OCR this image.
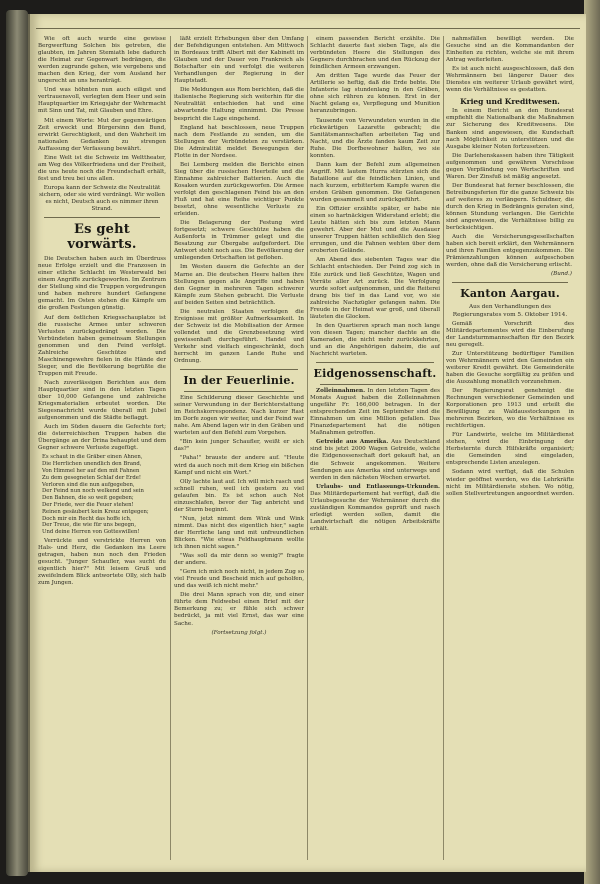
Wie oft auch wurde eine gewisse Bergwerftung Solchen bis getreten, die glaubten, im Jahren Stemiath lebe dadurch die Heimat zur Gegenwart bedrängen, die werden zugrunde gehen, wie vergebens und machen den Krieg, der vom Ausland her ungerecht an uns heranträgt.

Und was höhnten nun auch eiligst und vertrauensvoll, verlegten dem Heer und sein Hauptquartier im Kriegsjahr der Wehrmacht mit Sinn und Tat, mit Glauben und Ehre.

Mit einem Worte: Mut der gegenwärtigen Zeit erweckt und Bürgersinn den Bund, erwirkt Gerechtigkeit, und den Wahrheit im nationalen Gedanken zu strengen Auffassung der Verfassung bewährt.

Eine Welt ist die Schweiz im Welttheater, am Weg des Völkerfriedens und der Freiheit, die uns heute noch die Freundschaft erhält, fest und treu bei uns allen.

Europa kann der Schweiz die Neutralität sichern, oder sie wird verdrängt. Wir wollen es nicht, Deutsch auch es nimmer ihren Strand.

Es geht vorwärts.

Die Deutschen haben auch im Überdruss neue Erfolge erzielt und die Franzosen in einer etliche Schlacht im Westerwald bei einem Angriffe zurückgeworfen. Im Zentrum der Stellung sind die Truppen vorgedrungen und haben mehrere hundert Gefangene gemacht. Im Osten stehen die Kämpfe um die großen Festungen günstig.

Auf dem östlichen Kriegsschauplatze ist die russische Armee unter schweren Verlusten zurückgedrängt worden. Die Verbündeten haben gemeinsam Stellungen genommen und den Feind verfolgt. Zahlreiche Geschütze und Maschinengewehre fielen in die Hände der Sieger, und die Bevölkerung begrüßte die Truppen mit Freude.

Nach zuverlässigen Berichten aus dem Hauptquartier sind in den letzten Tagen über 10,000 Gefangene und zahlreiche Kriegsmaterialien erbeutet worden. Die Siegesnachricht wurde überall mit Jubel aufgenommen und die Städte beflaggt.

Auch im Süden dauern die Gefechte fort; die österreichischen Truppen haben die Übergänge an der Drina behauptet und dem Gegner schwere Verluste zugefügt.

Es schaut in die Gräber einen Ahnen,
Die Herrlichen unendlich den Brand,
Von Himmel her auf den mit Fahnen
Zu dem gesegneten Schlaf der Erde!
Verloren sind die nun aufgegeben,
Der Feind nun noch welkend und sein
Den Bahnen, die so weit gegeben;
Der Friede, wer die Feuer stehen!
Reinen gesäubert kein Kreuz entgegen;
Doch mir ein Recht das hoffe ich,
Der Treue, die wie für uns begegn,
Und deine Herren von Gotteswillen!

Verrückte und verstrickte Herren von Hals- und Herz, die Gedanken ins Leere getragen, haben nun noch den Frieden gesucht. "Junger Schaufler, was sucht du eigentlich hier?" Mit leisem Gruß und zweifelndem Blick antwortete Olly, sich halb zum Jungen.

läßt erzielt Erhebungen über den Umfang der Befehdigungen entstehen. Am Mittwoch in Bordeaux trifft Albert mit der Kabinett im Glauben und der Dauer von Frankreich als Botschafter ein und verfolgt die weiteren Verhandlungen der Regierung in der Hauptstadt.

Die Meldungen aus Rom berichten, daß die italienische Regierung sich weiterhin für die Neutralität entschieden hat und eine abwartende Haltung einnimmt. Die Presse bespricht die Lage eingehend.

England hat beschlossen, neue Truppen nach dem Festlande zu senden, um die Stellungen der Verbündeten zu verstärken. Die Admiralität meldet Bewegungen der Flotte in der Nordsee.

Bei Lemberg melden die Berichte einen Sieg über die russischen Heerteile und die Einnahme zahlreicher Batterien. Auch die Kosaken wurden zurückgeworfen. Die Armee verfolgt den geschlagenen Feind bis an den Fluß und hat eine Reihe wichtiger Punkte besetzt, ohne wesentliche Verluste zu erleiden.

Die Belagerung der Festung wird fortgesetzt; schwere Geschütze haben die Außenforts in Trümmer gelegt und die Besatzung zur Übergabe aufgefordert. Die Antwort steht noch aus. Die Bevölkerung der umliegenden Ortschaften ist geflohen.

Im Westen dauern die Gefechte an der Marne an. Die deutschen Heere halten ihre Stellungen gegen alle Angriffe und haben den Gegner in mehreren Tagen schwerer Kämpfe zum Stehen gebracht. Die Verluste auf beiden Seiten sind beträchtlich.

Die neutralen Staaten verfolgen die Ereignisse mit größter Aufmerksamkeit. In der Schweiz ist die Mobilisation der Armee vollendet und die Grenzbesetzung wird gewissenhaft durchgeführt. Handel und Verkehr sind vielfach eingeschränkt, doch herrscht im ganzen Lande Ruhe und Ordnung.

In der Feuerlinie.

Eine Schilderung dieser Geschichte und seiner Verwundung in der Berichterstattung im Reichskorrespondenz. Nach kurzer Rast im Dorfe zogen wir weiter, und der Feind war nahe. Am Abend lagen wir in den Gräben und warteten auf den Befehl zum Vorgehen.

"Bin kein junger Schaufler, weißt er sich das?"

"Paha!" brauste der andere auf. "Heute wird da auch noch mit dem Krieg ein bißchen Kampf und nicht ein Wort."

Olly lachte laut auf. Ich will mich rasch und schnell ruhen, weil ich gestern zu viel gelaufen bin. Es ist schon auch Not einzuschlafen, bevor der Tag anbricht und der Sturm beginnt.

"Nun, jetzt nimmt dem Wink und Wink nimmt. Das nicht des eigentlich hier," sagte der Herrliche lang und mit unfreundlichen Blicken. "Wie etwas Feldhauptmann wollte ich ihnen nicht sagen."

"Was soll da mir denn so wenig?" fragte der andere.

"Gern ich mich noch nicht, in jedem Zug so viel Freude und Bescheid mich auf geholfen, und das weiß ich nicht mehr."

Die drei Mann sprach von dir, und einer führte dem Feldwebel einen Brief mit der Bemerkung zu; er fühle sich schwer bedrückt, ja mit viel Ernst, das war eine Sache.

(Fortsetzung folgt.)

einem passenden Bericht erzählte. Die Schlacht dauerte fast sieben Tage, als die verbündeten Heere die Stellungen des Gegners durchbrachen und den Rückzug der feindlichen Armeen erzwangen.

Am dritten Tage wurde das Feuer der Artillerie so heftig, daß die Erde bebte. Die Infanterie lag stundenlang in den Gräben, ohne sich rühren zu können. Erst in der Nacht gelang es, Verpflegung und Munition heranzubringen.

Tausende von Verwundeten wurden in die rückwärtigen Lazarette gebracht; die Sanitätsmannschaften arbeiteten Tag und Nacht, und die Ärzte fanden kaum Zeit zur Ruhe. Die Dorfbewohner halfen, wo sie konnten.

Dann kam der Befehl zum allgemeinen Angriff. Mit lautem Hurra stürzten sich die Bataillone auf die feindlichen Linien, und nach kurzem, erbittertem Kampfe waren die ersten Gräben genommen. Die Gefangenen wurden gesammelt und zurückgeführt.

Ein Offizier erzählte später, er habe nie einen so hartnäckigen Widerstand erlebt; die Leute hätten sich bis zum letzten Mann gewehrt. Aber der Mut und die Ausdauer unserer Truppen hätten schließlich den Sieg errungen, und die Fahnen wehten über dem eroberten Gelände.

Am Abend des siebenten Tages war die Schlacht entschieden. Der Feind zog sich in Eile zurück und ließ Geschütze, Wagen und Vorräte aller Art zurück. Die Verfolgung wurde sofort aufgenommen, und die Reiterei drang bis tief in das Land vor, wo sie zahlreiche Nachzügler gefangen nahm. Die Freude in der Heimat war groß, und überall läuteten die Glocken.

In den Quartieren sprach man noch lange von diesen Tagen; mancher dachte an die Kameraden, die nicht mehr zurückkehrten, und an die Angehörigen daheim, die auf Nachricht warteten.

Eidgenossenschaft.

Zolleinnahmen. In den letzten Tagen des Monats August haben die Zolleinnahmen ungefähr Fr. 166,000 betragen. In der entsprechenden Zeit im September sind die Einnahmen um eine Million gefallen. Das Finanzdepartement hat die nötigen Maßnahmen getroffen.

Getreide aus Amerika. Aus Deutschland sind bis jetzt 2000 Wagen Getreide, welche die Eidgenossenschaft dort gekauft hat, an die Schweiz angekommen. Weitere Sendungen aus Amerika sind unterwegs und werden in den nächsten Wochen erwartet.

Urlaubs- und Entlassungs-Urkunden. Das Militärdepartement hat verfügt, daß die Urlaubsgesuche der Wehrmänner durch die zuständigen Kommandos geprüft und rasch erledigt werden sollen, damit die Landwirtschaft die nötigen Arbeitskräfte erhält.

nahmsfällen bewilligt werden. Die Gesuche sind an die Kommandanten der Einheiten zu richten, welche sie mit ihrem Antrag weiterleiten.

Es ist auch nicht ausgeschlossen, daß den Wehrmännern bei längerer Dauer des Dienstes ein weiterer Urlaub gewährt wird, wenn die Verhältnisse es gestatten.

Krieg und Kreditwesen.

In einem Bericht an den Bundesrat empfiehlt die Nationalbank die Maßnahmen zur Sicherung des Kreditwesens. Die Banken sind angewiesen, die Kundschaft nach Möglichkeit zu unterstützen und die Ausgabe kleiner Noten fortzusetzen.

Die Darlehenskassen haben ihre Tätigkeit aufgenommen und gewähren Vorschüsse gegen Verpfändung von Wertschriften und Waren. Der Zinsfuß ist mäßig angesetzt.

Der Bundesrat hat ferner beschlossen, die Betreibungsferien für die ganze Schweiz bis auf weiteres zu verlängern. Schuldner, die durch den Krieg in Bedrängnis geraten sind, können Stundung verlangen. Die Gerichte sind angewiesen, die Verhältnisse billig zu berücksichtigen.

Auch die Versicherungsgesellschaften haben sich bereit erklärt, den Wehrmännern und ihren Familien entgegenzukommen. Die Prämienzahlungen können aufgeschoben werden, ohne daß die Versicherung erlischt.

(Bund.)
Kanton Aargau.
Aus den Verhandlungen des Regierungsrates vom 5. Oktober 1914.

Gemäß Vorschrift des Militärdepartementes wird die Einberufung der Landsturmmannschaften für den Bezirk neu geregelt.

Zur Unterstützung bedürftiger Familien von Wehrmännern wird den Gemeinden ein weiterer Kredit gewährt. Die Gemeinderäte haben die Gesuche sorgfältig zu prüfen und die Auszahlung monatlich vorzunehmen.

Der Regierungsrat genehmigt die Rechnungen verschiedener Gemeinden und Korporationen pro 1913 und erteilt die Bewilligung zu Waldausstockungen in mehreren Bezirken, wo die Verhältnisse es rechtfertigen.

Für Landwirte, welche im Militärdienst stehen, wird die Einbringung der Herbsternte durch Hilfskräfte organisiert; die Gemeinden sind eingeladen, entsprechende Listen anzulegen.

Sodann wird verfügt, daß die Schulen wieder geöffnet werden, wo die Lehrkräfte nicht im Militärdienste stehen. Wo nötig, sollen Stellvertretungen angeordnet werden.
